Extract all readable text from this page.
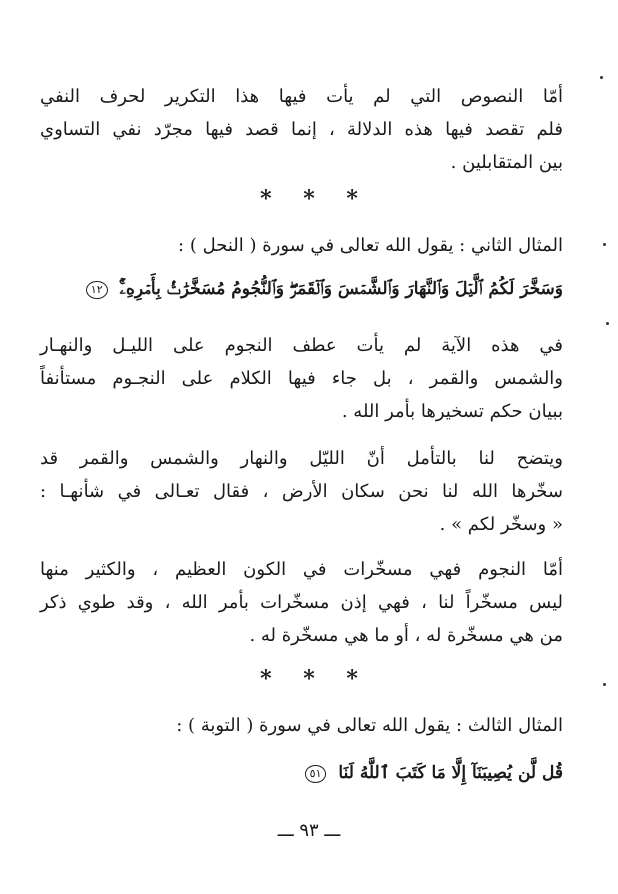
أمّا النصوص التي لم يأت فيها هذا التكرير لحرف النفي
فلم تقصد فيها هذه الدلالة ، إنما قصد فيها مجرّد نفي التساوي
بين المتقابلين .
* * *
المثال الثاني : يقول الله تعالى في سورة ( النحل ) :
وَسَخَّرَ لَكُمُ ٱلَّيۡلَ وَٱلنَّهَارَ وَٱلشَّمۡسَ وَٱلۡقَمَرَۖ وَٱلنُّجُومُ مُسَخَّرَٰتُۢ بِأَمۡرِهِۦٓۚ ١٢
في هذه الآية لم يأت عطف النجوم على الليـل والنهـار
والشمس والقمر ، بل جاء فيها الكلام على النجـوم مستأنفاً
ببيان حكم تسخيرها بأمر الله .
ويتضح لنا بالتأمل أنّ الليّل والنهار والشمس والقمر قد
سخّرها الله لنا نحن سكان الأرض ، فقال تعـالى في شأنهـا :
« وسخّر لكم » .
أمّا النجوم فهي مسخّرات في الكون العظيم ، والكثير منها
ليس مسخّراً لنا ، فهي إذن مسخّرات بأمر الله ، وقد طوي ذكر
من هي مسخّرة له ، أو ما هي مسخّرة له .
* * *
المثال الثالث : يقول الله تعالى في سورة ( التوبة ) :
قُل لَّن يُصِيبَنَآ إِلَّا مَا كَتَبَ ٱللَّهُ لَنَا ٥١
ـــ ٩٣ ـــ
